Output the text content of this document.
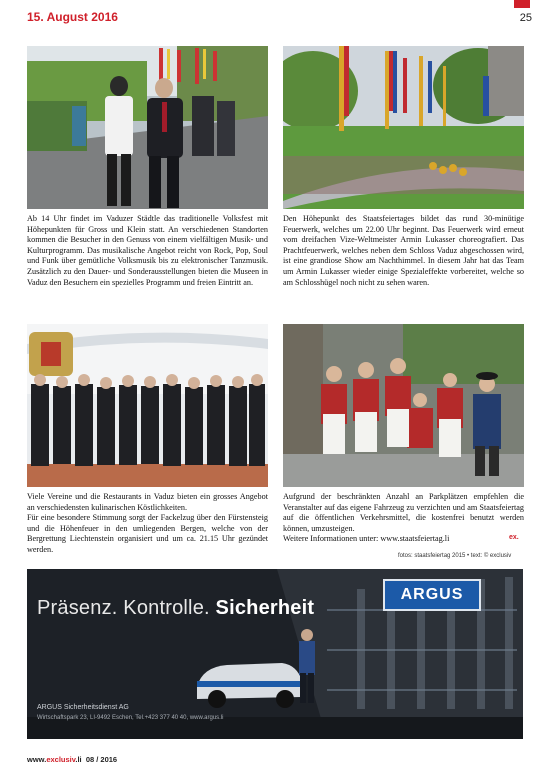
15. August 2016	25

Ab 14 Uhr findet im Vaduzer Städtle das traditionelle Volksfest mit Höhepunkten für Gross und Klein statt. An verschiedenen Standorten kommen die Besucher in den Genuss von einem vielfältigen Musik- und Kulturprogramm. Das musikalische Angebot reicht von Rock, Pop, Soul und Funk über gemütliche Volksmusik bis zu elektronischer Tanzmusik. Zusätzlich zu den Dauer- und Sonderausstellungen bieten die Museen in Vaduz den Besuchern ein spezielles Programm und freien Eintritt an.

Den Höhepunkt des Staatsfeiertages bildet das rund 30-minütige Feuerwerk, welches um 22.00 Uhr beginnt. Das Feuerwerk wird erneut vom dreifachen Vize-Weltmeister Armin Lukasser choreografiert. Das Prachtfeuerwerk, welches neben dem Schloss Vaduz abgeschossen wird, ist eine grandiose Show am Nachthimmel. In diesem Jahr hat das Team um Armin Lukasser wieder einige Spezialeffekte vorbereitet, welche so am Schlosshügel noch nicht zu sehen waren.

Viele Vereine und die Restaurants in Vaduz bieten ein grosses Angebot an verschiedensten kulinarischen Köstlichkeiten.

Für eine besondere Stimmung sorgt der Fackelzug über den Fürstensteig und die Höhenfeuer in den umliegenden Bergen, welche von der Bergrettung Liechtenstein organisiert und um ca. 21.15 Uhr gezündet werden.

Aufgrund der beschränkten Anzahl an Parkplätzen empfehlen die Veranstalter auf das eigene Fahrzeug zu verzichten und am Staatsfeiertag auf die öffentlichen Verkehrsmittel, die kostenfrei benutzt werden können, umzusteigen.

Weitere Informationen unter: www.staatsfeiertag.li	ex.
fotos: staatsfeiertag 2015 • text: © exclusiv
Präsenz. Kontrolle. Sicherheit
ARGUS
ARGUS Sicherheitsdienst AG
Wirtschaftspark 23, LI-9492 Eschen, Tel.+423 377 40 40, www.argus.li
www.exclusiv.li 08 / 2016
